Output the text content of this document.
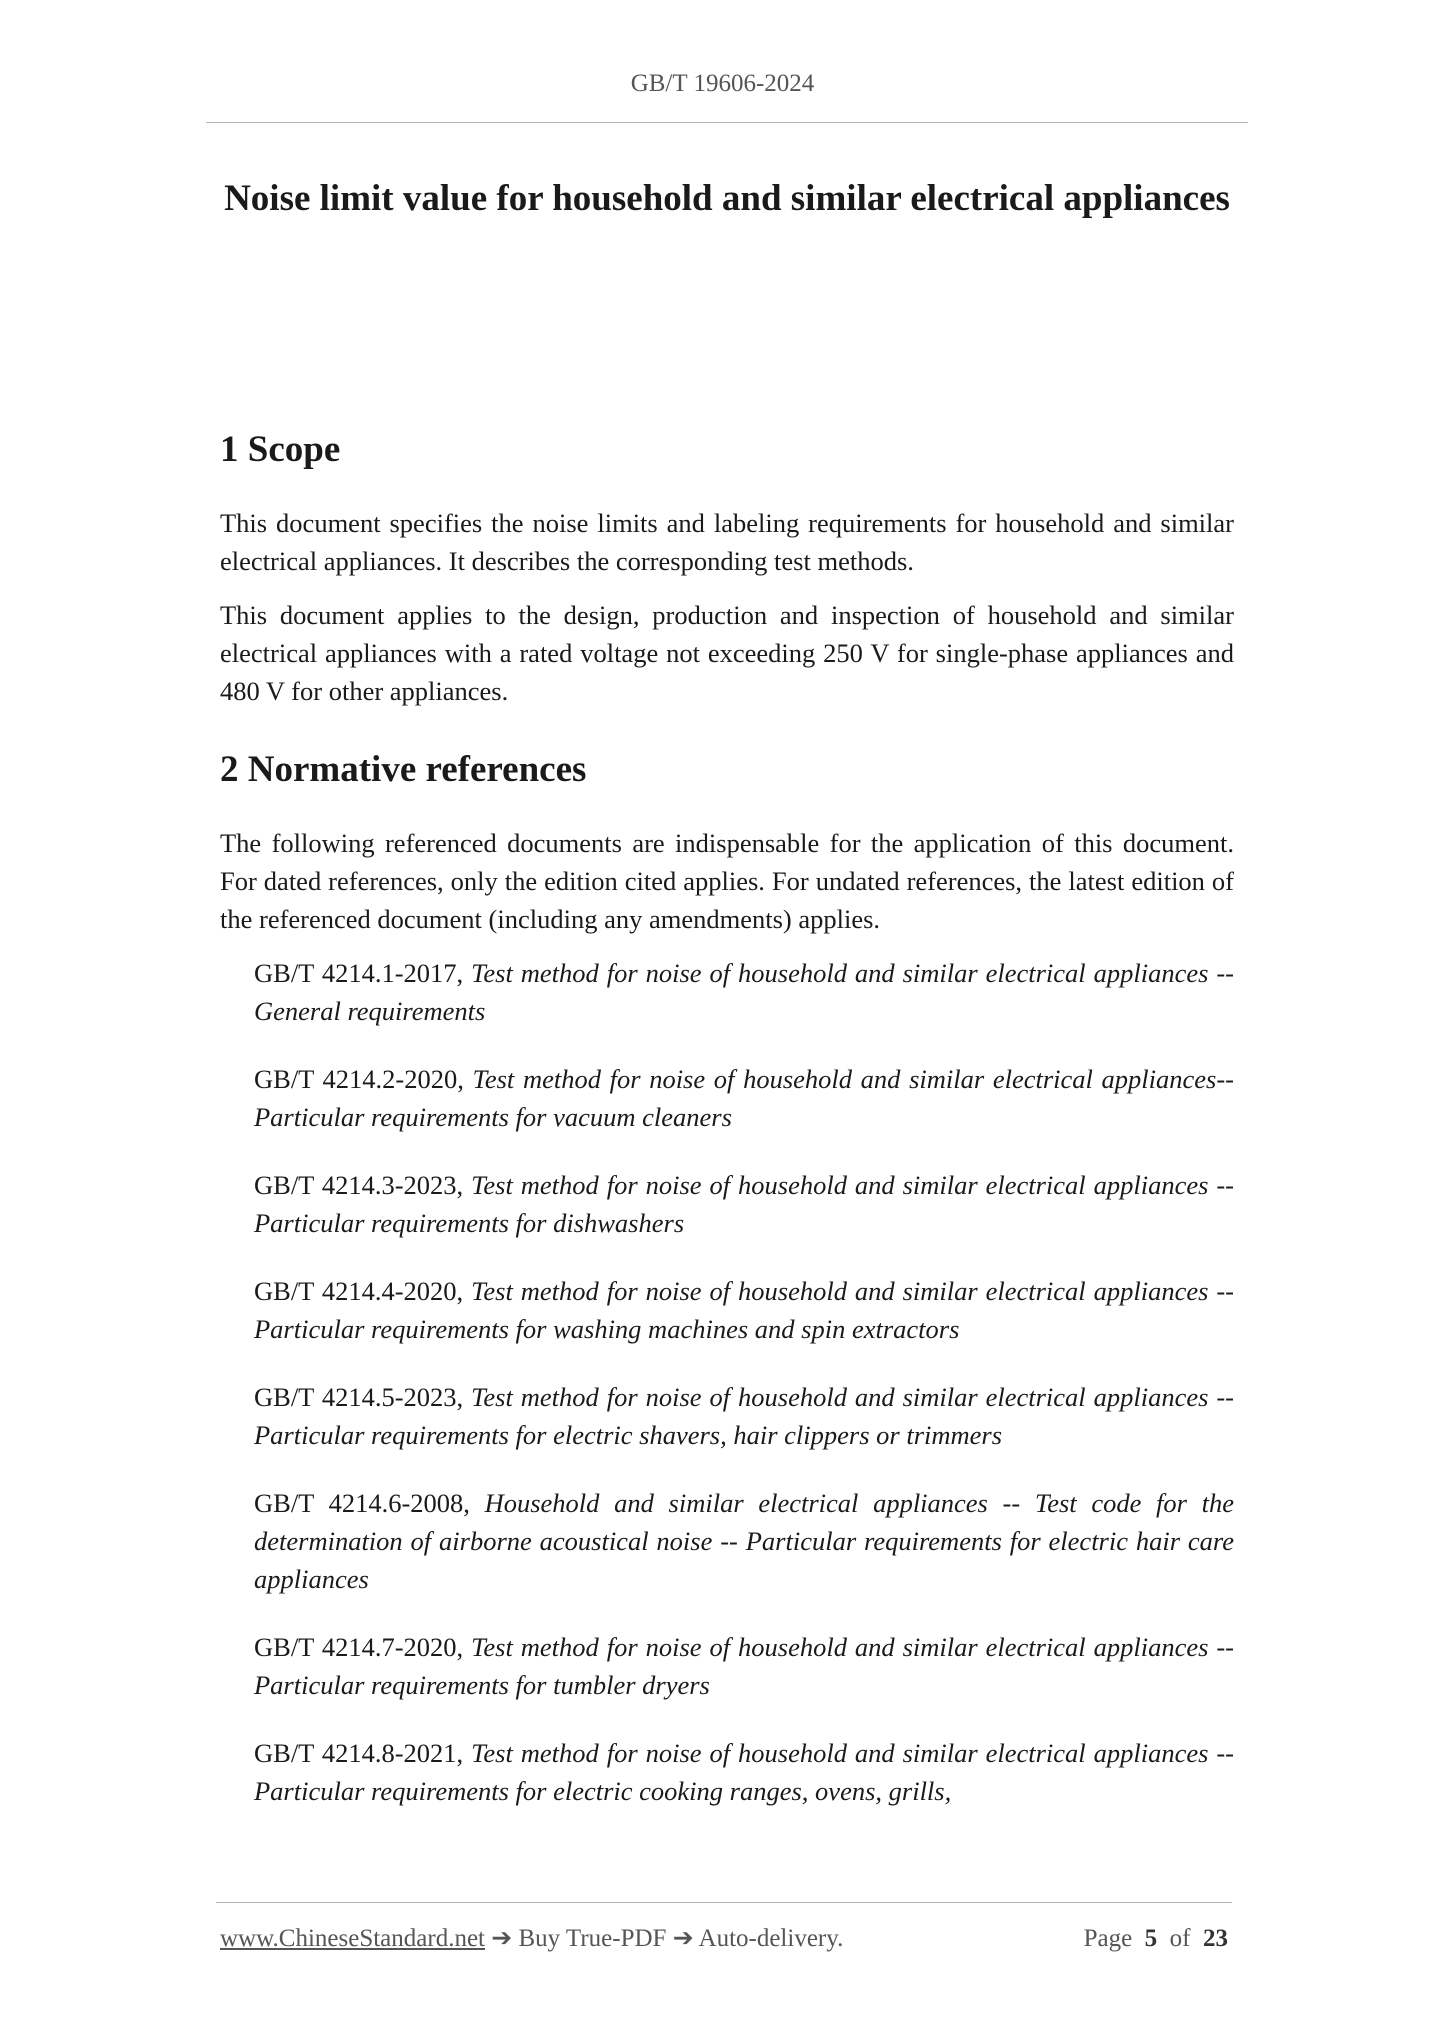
GB/T 19606-2024
Noise limit value for household and similar electrical appliances
1 Scope

This document specifies the noise limits and labeling requirements for household and similar electrical appliances. It describes the corresponding test methods.

This document applies to the design, production and inspection of household and similar electrical appliances with a rated voltage not exceeding 250 V for single-phase appliances and 480 V for other appliances.

2 Normative references

The following referenced documents are indispensable for the application of this document. For dated references, only the edition cited applies. For undated references, the latest edition of the referenced document (including any amendments) applies.

GB/T 4214.1-2017, Test method for noise of household and similar electrical appliances -- General requirements
GB/T 4214.2-2020, Test method for noise of household and similar electrical appliances--Particular requirements for vacuum cleaners
GB/T 4214.3-2023, Test method for noise of household and similar electrical appliances -- Particular requirements for dishwashers
GB/T 4214.4-2020, Test method for noise of household and similar electrical appliances -- Particular requirements for washing machines and spin extractors
GB/T 4214.5-2023, Test method for noise of household and similar electrical appliances -- Particular requirements for electric shavers, hair clippers or trimmers
GB/T 4214.6-2008, Household and similar electrical appliances -- Test code for the determination of airborne acoustical noise -- Particular requirements for electric hair care appliances
GB/T 4214.7-2020, Test method for noise of household and similar electrical appliances -- Particular requirements for tumbler dryers
GB/T 4214.8-2021, Test method for noise of household and similar electrical appliances -- Particular requirements for electric cooking ranges, ovens, grills,
www.ChineseStandard.net ➔ Buy True-PDF ➔ Auto-delivery.	Page 5 of 23
